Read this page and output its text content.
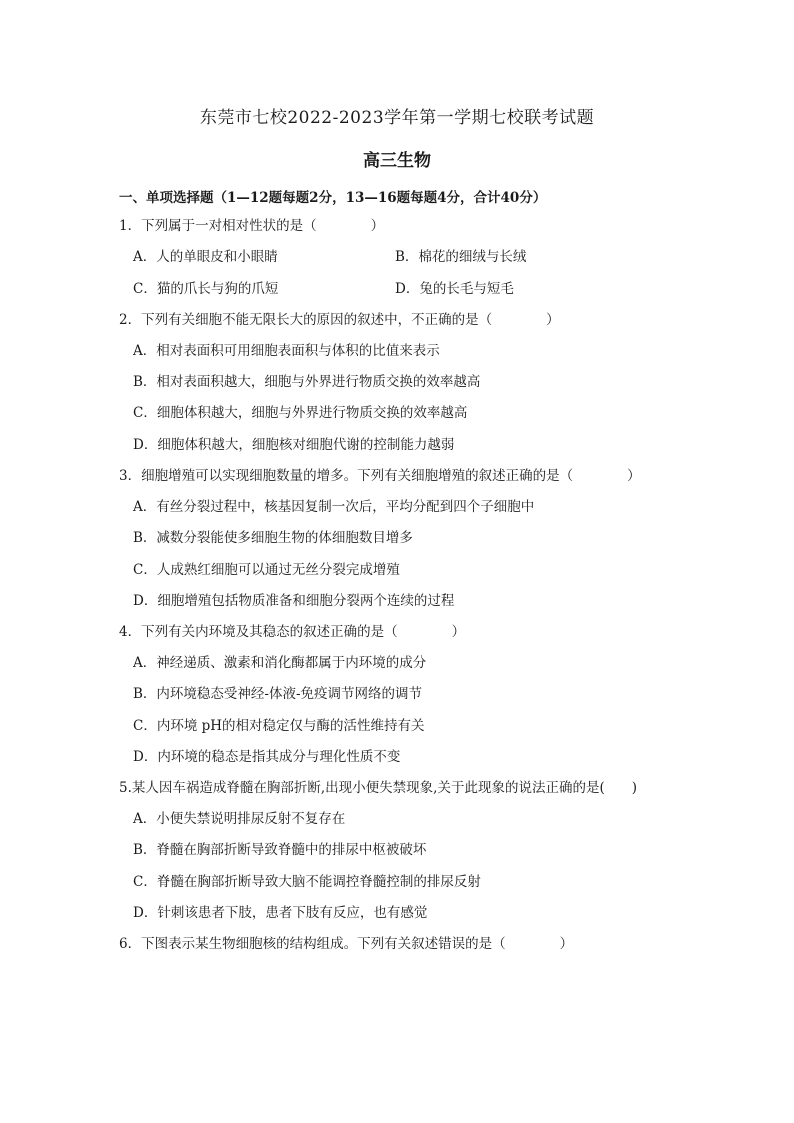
东莞市七校2022-2023学年第一学期七校联考试题
高三生物
一、单项选择题（1—12题每题2分，13—16题每题4分，合计40分）
1．下列属于一对相对性状的是（　　　　）
A．人的单眼皮和小眼睛	B．棉花的细绒与长绒
C．猫的爪长与狗的爪短	D．兔的长毛与短毛
2．下列有关细胞不能无限长大的原因的叙述中，不正确的是（　　　　）
A．相对表面积可用细胞表面积与体积的比值来表示
B．相对表面积越大，细胞与外界进行物质交换的效率越高
C．细胞体积越大，细胞与外界进行物质交换的效率越高
D．细胞体积越大，细胞核对细胞代谢的控制能力越弱
3．细胞增殖可以实现细胞数量的增多。下列有关细胞增殖的叙述正确的是（　　　　）
A．有丝分裂过程中，核基因复制一次后，平均分配到四个子细胞中
B．减数分裂能使多细胞生物的体细胞数目增多
C．人成熟红细胞可以通过无丝分裂完成增殖
D．细胞增殖包括物质准备和细胞分裂两个连续的过程
4．下列有关内环境及其稳态的叙述正确的是（　　　　）
A．神经递质、激素和消化酶都属于内环境的成分
B．内环境稳态受神经-体液-免疫调节网络的调节
C．内环境 pH的相对稳定仅与酶的活性维持有关
D．内环境的稳态是指其成分与理化性质不变
5.某人因车祸造成脊髓在胸部折断,出现小便失禁现象,关于此现象的说法正确的是(　　)
A．小便失禁说明排尿反射不复存在
B．脊髓在胸部折断导致脊髓中的排尿中枢被破坏
C．脊髓在胸部折断导致大脑不能调控脊髓控制的排尿反射
D．针刺该患者下肢，患者下肢有反应，也有感觉
6．下图表示某生物细胞核的结构组成。下列有关叙述错误的是（　　　　）
